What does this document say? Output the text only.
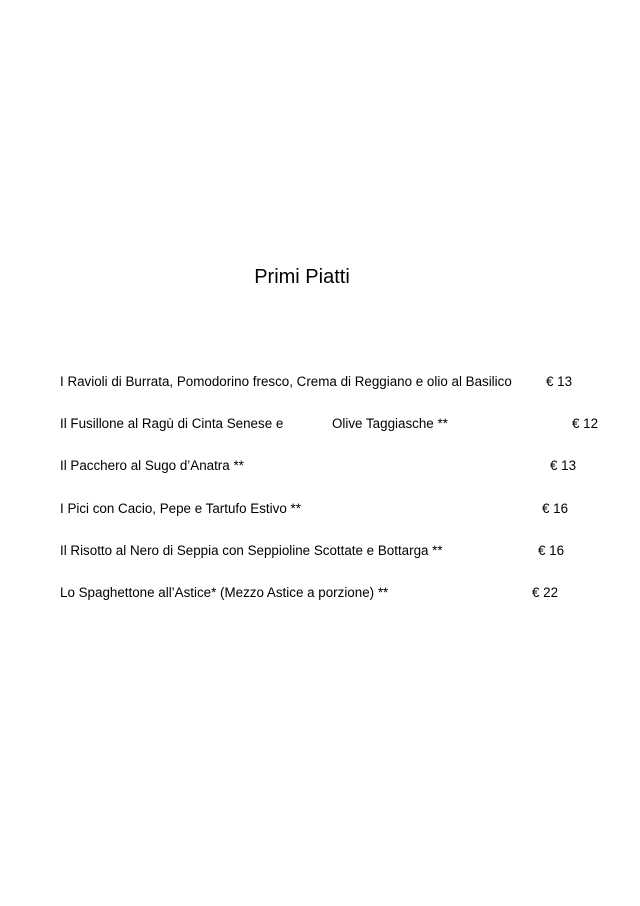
Primi Piatti
I Ravioli di Burrata, Pomodorino fresco, Crema di Reggiano e olio al Basilico	€ 13
Il Fusillone al Ragù di Cinta Senese e	Olive Taggiasche **	€ 12
Il Pacchero al Sugo d’Anatra **	€ 13
I Pici con Cacio, Pepe e Tartufo Estivo **	€ 16
Il Risotto al Nero di Seppia con Seppioline Scottate e Bottarga **	€ 16
Lo Spaghettone all’Astice* (Mezzo Astice a porzione) **	€ 22
